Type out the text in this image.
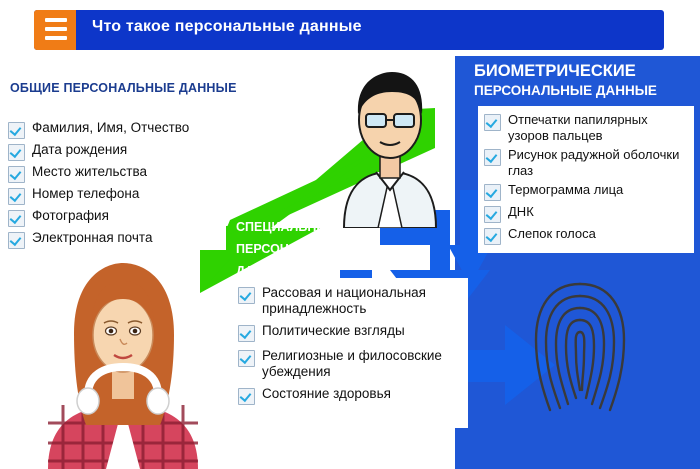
Что такое персональные данные
ОБЩИЕ ПЕРСОНАЛЬНЫЕ ДАННЫЕ
БИОМЕТРИЧЕСКИЕ
ПЕРСОНАЛЬНЫЕ ДАННЫЕ
СПЕЦИАЛЬНЫЕ ПЕРСОНАЛЬНЫЕ
ДАННЫЕ
Фамилия, Имя, Отчество
Дата рождения
Место жительства
Номер телефона
Фотография
Электронная почта
Отпечатки папилярных узоров пальцев
Рисунок радужной оболочки глаз
Термограмма лица
ДНК
Слепок голоса
Рассовая и национальная принадлежность
Политические взгляды
Религиозные и филосовские убеждения
Состояние здоровья
